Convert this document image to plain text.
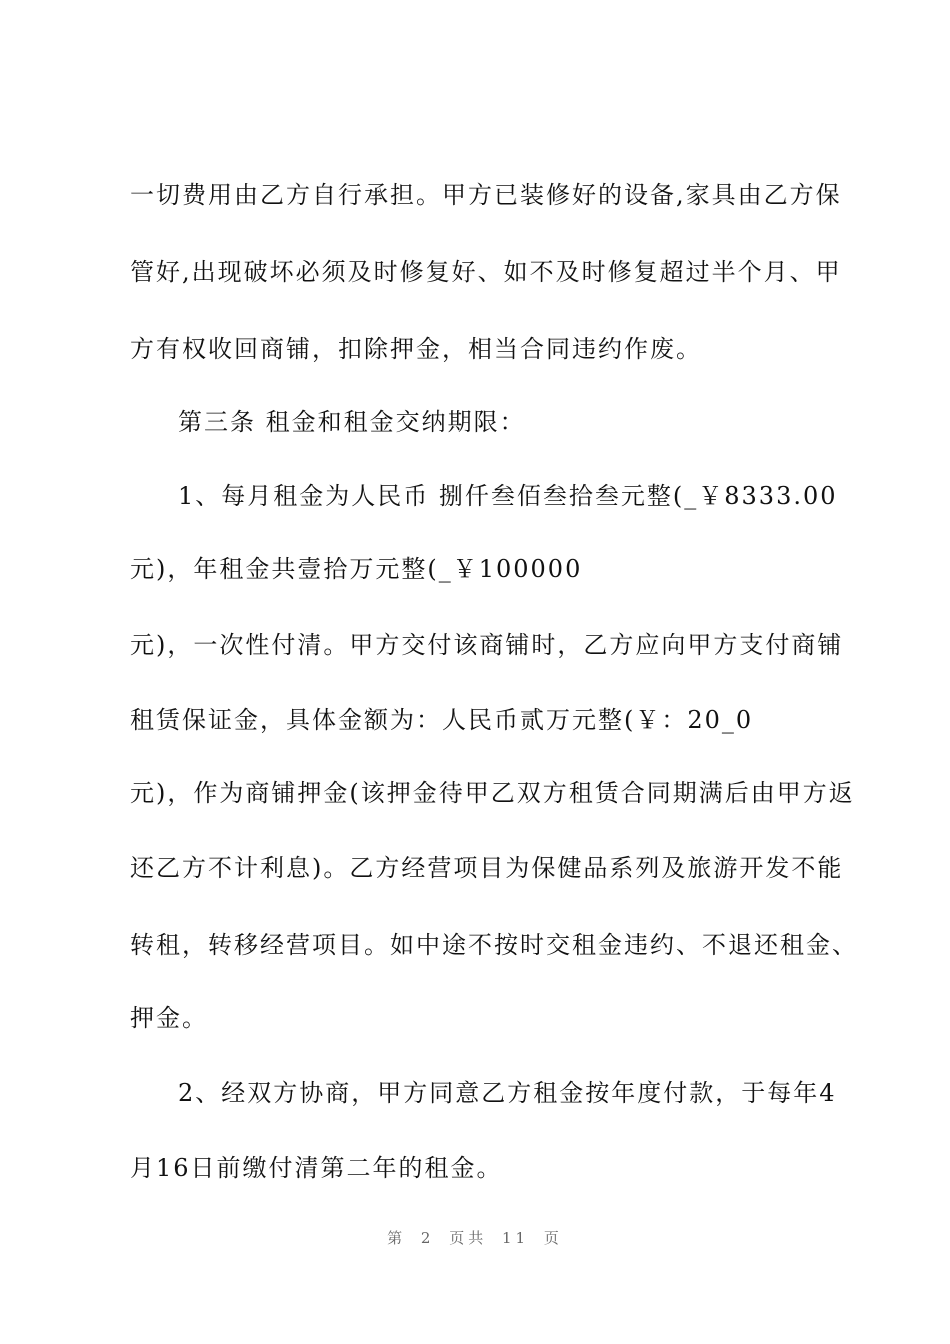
一切费用由乙方自行承担。甲方已装修好的设备,家具由乙方保
管好,出现破坏必须及时修复好、如不及时修复超过半个月、甲
方有权收回商铺，扣除押金，相当合同违约作废。
第三条 租金和租金交纳期限：
1、每月租金为人民币 捌仟叁佰叁拾叁元整(_￥8333.00
元)，年租金共壹拾万元整(_￥100000
元)，一次性付清。甲方交付该商铺时，乙方应向甲方支付商铺
租赁保证金，具体金额为：人民币贰万元整(￥：20_0
元)，作为商铺押金(该押金待甲乙双方租赁合同期满后由甲方返
还乙方不计利息)。乙方经营项目为保健品系列及旅游开发不能
转租，转移经营项目。如中途不按时交租金违约、不退还租金、
押金。
2、经双方协商，甲方同意乙方租金按年度付款，于每年4
月16日前缴付清第二年的租金。
第 2 页共 11 页
